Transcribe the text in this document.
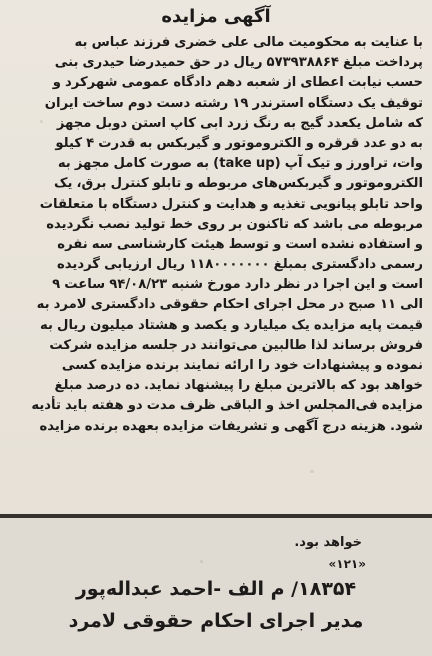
آگهی مزایده
با عنایت به محکومیت مالی علی خضری فرزند عباس به
پرداخت مبلغ ۵۷۳۹۳۸۸۶۴ ریال در حق حمیدرضا حیدری بنی
حسب نیابت اعطای از شعبه دهم دادگاه عمومی شهرکرد و
توقیف یک دستگاه استرندر ۱۹ رشته دست دوم ساخت ایران
که شامل یکعدد گیج به رنگ زرد ابی کاپ استن دوبل مجهز
به دو عدد قرقره و الکتروموتور و گیربکس به قدرت ۴ کیلو
وات، تراورز و تیک آپ (take up) به صورت کامل مجهز به
الکتروموتور و گیربکس‌های مربوطه و تابلو کنترل برق، یک
واحد تابلو پیانویی تغذیه و هدایت و کنترل دستگاه با متعلقات
مربوطه می باشد که تاکنون بر روی خط تولید نصب نگردیده
و استفاده نشده است و توسط هیئت کارشناسی سه نفره
رسمی دادگستری بمبلغ ۱۱۸۰۰۰۰۰۰۰ ریال ارزیابی گردیده
است و این اجرا در نظر دارد مورخ شنبه ۹۴/۰۸/۲۳ ساعت ۹
الی ۱۱ صبح در محل اجرای احکام حقوقی دادگستری لامرد به
قیمت پایه مزایده یک میلیارد و یکصد و هشتاد میلیون ریال به
فروش برساند لذا طالبین می‌توانند در جلسه مزایده شرکت
نموده و پیشنهادات خود را ارائه نمایند برنده مزایده کسی
خواهد بود که بالاترین مبلغ را پیشنهاد نماید. ده درصد مبلغ
مزایده فی‌المجلس اخذ و الباقی ظرف مدت دو هفته باید تأدیه
شود. هزینه درج آگهی و تشریفات مزایده بعهده برنده مزایده

خواهد بود.

«۱۲۱»

۱۸۳۵۴/ م الف -احمد عبداله‌پور

مدیر اجرای احکام حقوقی لامرد
